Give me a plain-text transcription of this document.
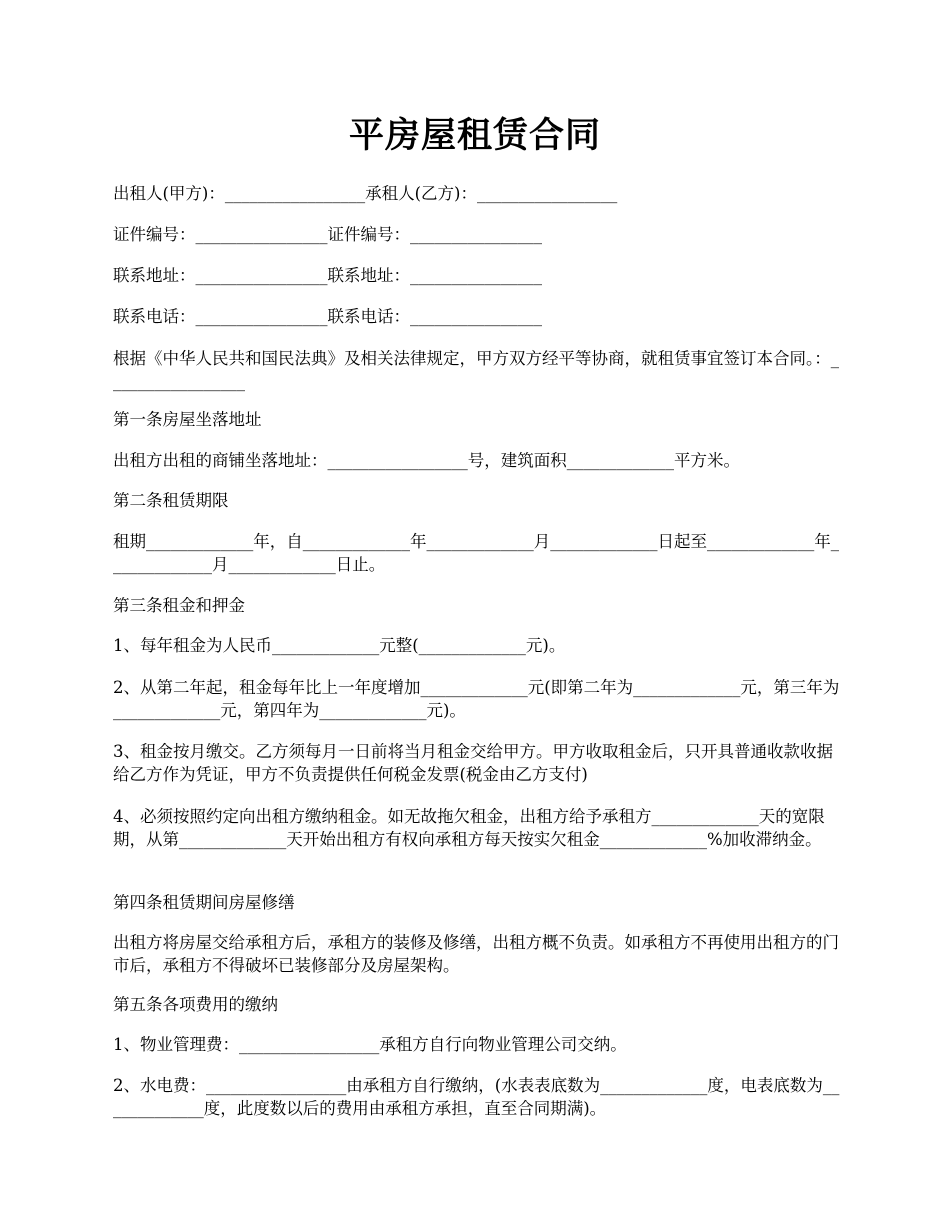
平房屋租赁合同

出租人(甲方)：_________________承租人(乙方)：_________________

证件编号：________________证件编号：________________

联系地址：________________联系地址：________________

联系电话：________________联系电话：________________

根据《中华人民共和国民法典》及相关法律规定，甲方双方经平等协商，就租赁事宜签订本合同。：_________________

第一条房屋坐落地址

出租方出租的商铺坐落地址：_________________号，建筑面积_____________平方米。

第二条租赁期限

租期_____________年，自_____________年_____________月_____________日起至_____________年_____________月_____________日止。

第三条租金和押金

1、每年租金为人民币_____________元整(_____________元)。

2、从第二年起，租金每年比上一年度增加_____________元(即第二年为_____________元，第三年为_____________元，第四年为_____________元)。

3、租金按月缴交。乙方须每月一日前将当月租金交给甲方。甲方收取租金后，只开具普通收款收据给乙方作为凭证，甲方不负责提供任何税金发票(税金由乙方支付)

4、必须按照约定向出租方缴纳租金。如无故拖欠租金，出租方给予承租方_____________天的宽限期，从第_____________天开始出租方有权向承租方每天按实欠租金_____________%加收滞纳金。

第四条租赁期间房屋修缮

出租方将房屋交给承租方后，承租方的装修及修缮，出租方概不负责。如承租方不再使用出租方的门市后，承租方不得破坏已装修部分及房屋架构。

第五条各项费用的缴纳

1、物业管理费：_________________承租方自行向物业管理公司交纳。

2、水电费：_________________由承租方自行缴纳，(水表表底数为_____________度，电表底数为_____________度，此度数以后的费用由承租方承担，直至合同期满)。
